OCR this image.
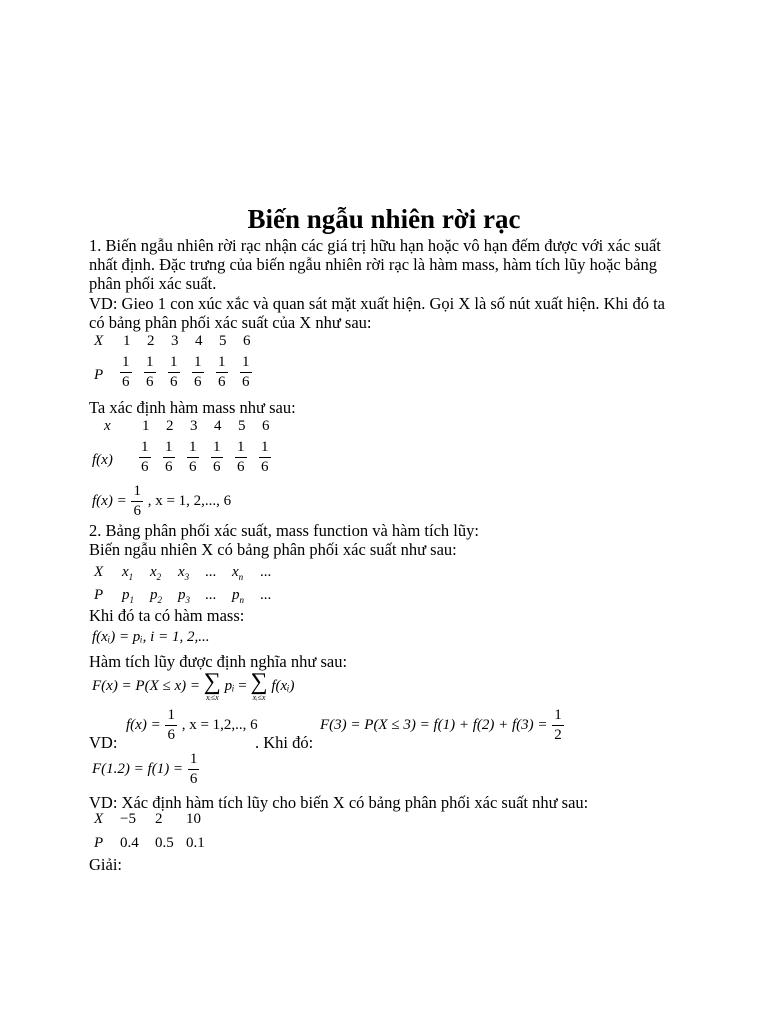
Biến ngẫu nhiên rời rạc
1. Biến ngẫu nhiên rời rạc nhận các giá trị hữu hạn hoặc vô hạn đếm được với xác suất
nhất định. Đặc trưng của biến ngẫu nhiên rời rạc là hàm mass, hàm tích lũy hoặc bảng
phân phối xác suất.
VD: Gieo 1 con xúc xắc và quan sát mặt xuất hiện. Gọi X là số nút xuất hiện. Khi đó ta
có bảng phân phối xác suất của X như sau:
X
P
1
$\frac{1}{6}$
2
$\frac{1}{6}$
3
$\frac{1}{6}$
4
$\frac{1}{6}$
5
$\frac{1}{6}$
6
$\frac{1}{6}$
Ta xác định hàm mass như sau:
x
f(x)
1
$\frac{1}{6}$
2
$\frac{1}{6}$
3
$\frac{1}{6}$
4
$\frac{1}{6}$
5
$\frac{1}{6}$
6
$\frac{1}{6}$
$f(x) = \frac{1}{6}$ , x = 1, 2,..., 6
2. Bảng phân phối xác suất, mass function và hàm tích lũy:
Biến ngẫu nhiên X có bảng phân phối xác suất như sau:
X
P
$x_1$ $x_2$ $x_3$ ... $x_n$ ...
$p_1$ $p_2$ $p_3$ ... $p_n$ ...
Khi đó ta có hàm mass:
f(xᵢ) = pᵢ, i = 1, 2,...
Hàm tích lũy được định nghĩa như sau:
F(x) = P(X ≤ x) = ∑
xᵢ≤x
pᵢ = ∑
xᵢ≤x
f(xᵢ)
VD:
$f(x) = \frac{1}{6}$ , x = 1,2,.., 6
. Khi đó:
$F(3) = P(X \le 3) = f(1) + f(2) + f(3) = \frac{1}{2}$
$F(1.2) = f(1) = \frac{1}{6}$
VD: Xác định hàm tích lũy cho biến X có bảng phân phối xác suất như sau:
X
P
−5 2 10
0.4 0.5 0.1
Giải:
